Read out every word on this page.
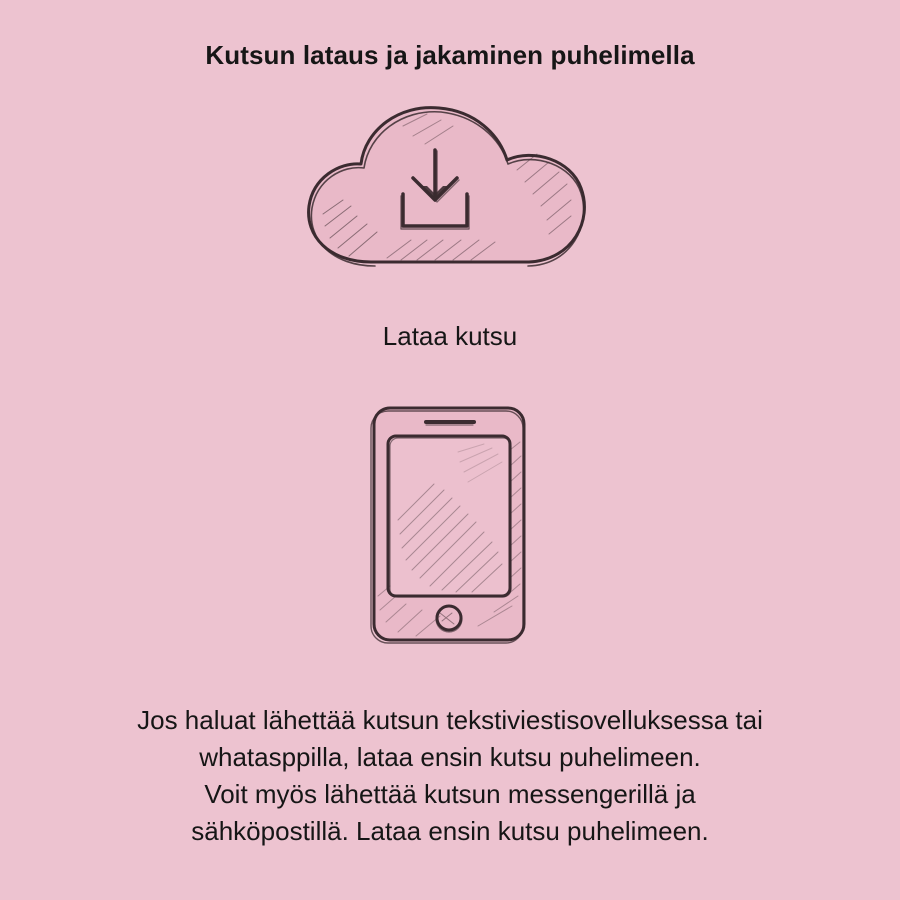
Kutsun lataus ja jakaminen puhelimella
Lataa kutsu
Jos haluat lähettää kutsun tekstiviestisovelluksessa tai
whatasppilla, lataa ensin kutsu puhelimeen.
Voit myös lähettää kutsun messengerillä ja
sähköpostillä. Lataa ensin kutsu puhelimeen.
